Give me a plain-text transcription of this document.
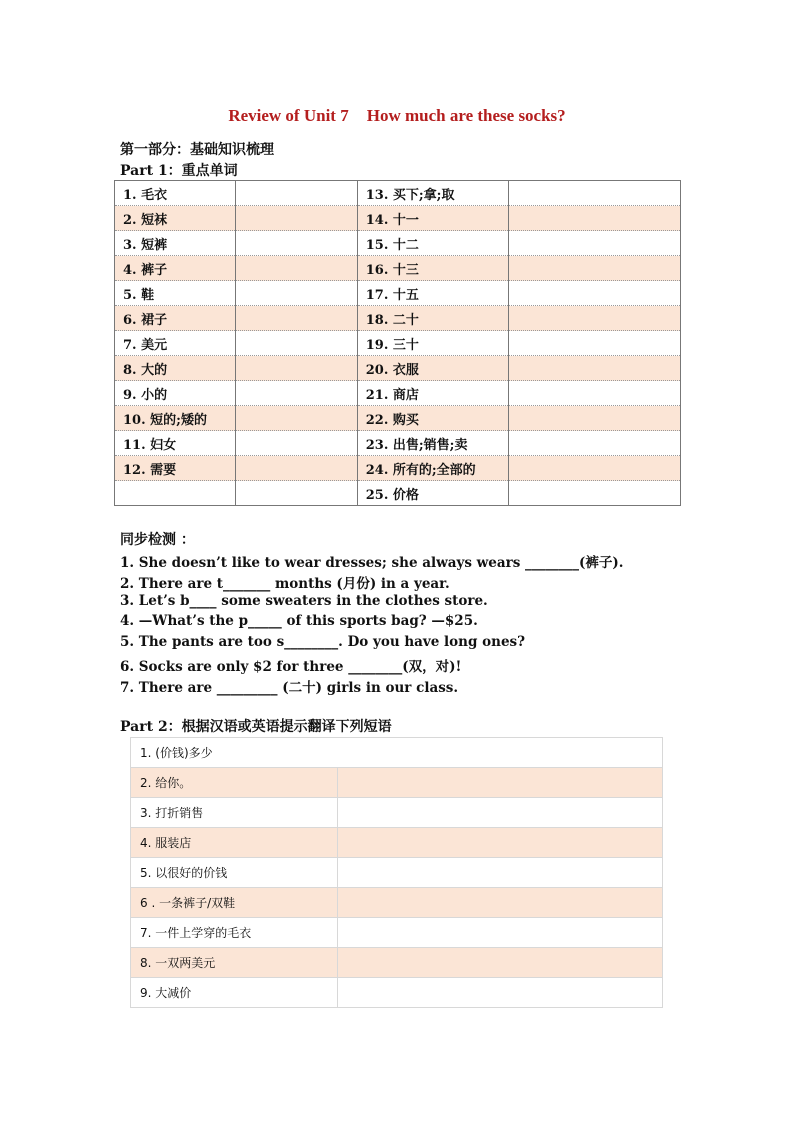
Review of Unit 7 How much are these socks?
第一部分：基础知识梳理
Part 1：重点单词
1. 毛衣		13. 买下;拿;取	
2. 短袜		14. 十一	
3. 短裤		15. 十二	
4. 裤子		16. 十三	
5. 鞋		17. 十五	
6. 裙子		18. 二十	
7. 美元		19. 三十	
8. 大的		20. 衣服	
9. 小的		21. 商店	
10. 短的;矮的		22. 购买	
11. 妇女		23. 出售;销售;卖	
12. 需要		24. 所有的;全部的	
		25. 价格	
同步检测 ：
1. She doesn’t like to wear dresses; she always wears ________(裤子).
2. There are t_______ months (月份) in a year.
3. Let’s b____ some sweaters in the clothes store.
4. —What’s the p_____ of this sports bag? —$25.
5. The pants are too s________. Do you have long ones?
6. Socks are only $2 for three ________(双，对)!
7. There are _________ (二十) girls in our class.
Part 2：根据汉语或英语提示翻译下列短语
1. (价钱)多少	
2. 给你。	
3. 打折销售	
4. 服装店	
5. 以很好的价钱	
6 . 一条裤子/双鞋	
7. 一件上学穿的毛衣	
8. 一双两美元	
9. 大减价	
